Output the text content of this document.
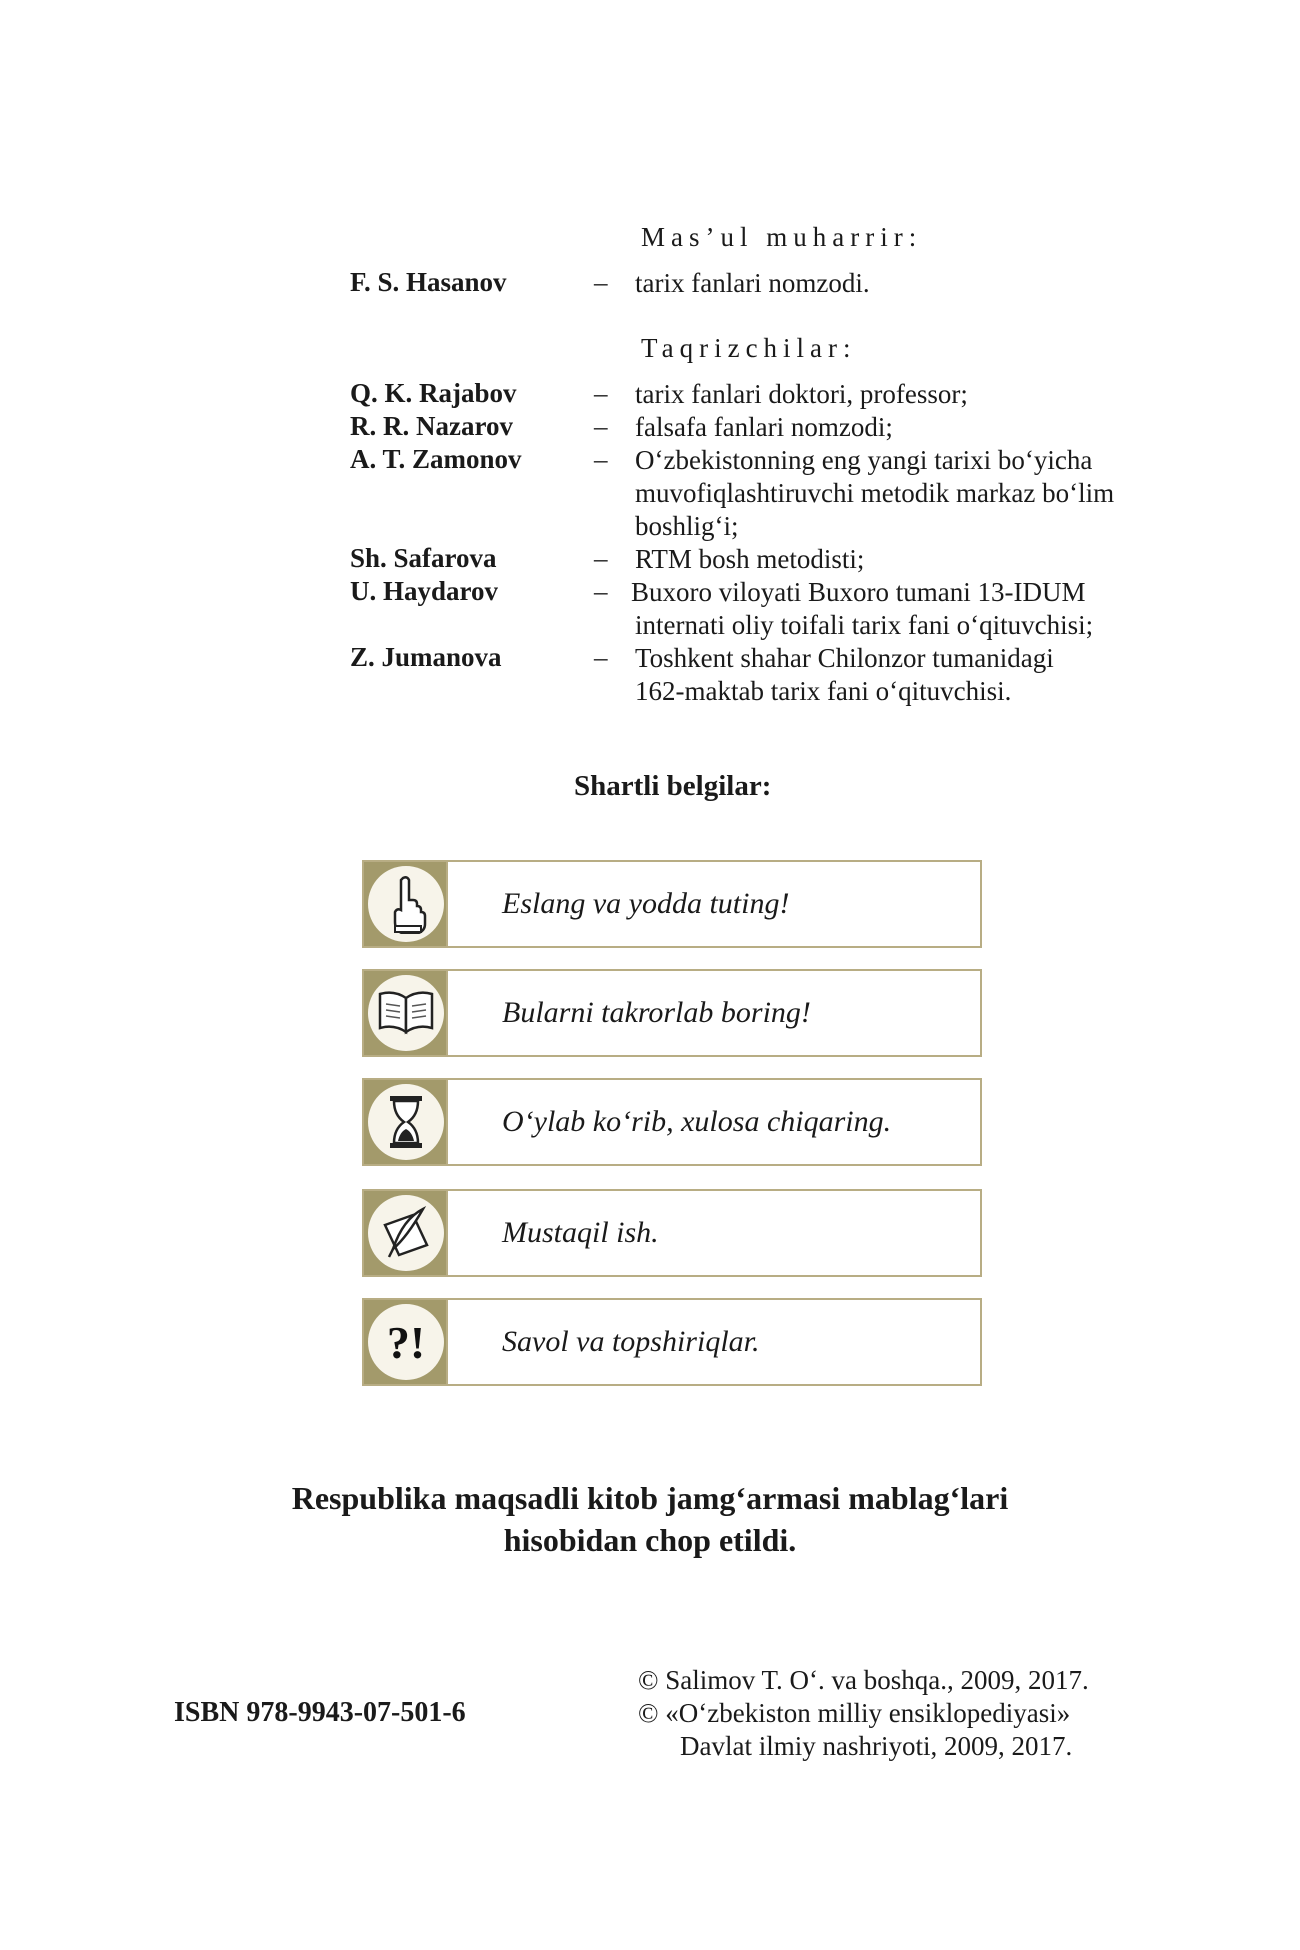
Mas’ul muharrir:
F. S. Hasanov	– tarix fanlari nomzodi.
Taqrizchilar:
Q. K. Rajabov	– tarix fanlari doktori, professor;
R. R. Nazarov	– falsafa fanlari nomzodi;
A. T. Zamonov	– O‘zbekistonning eng yangi tarixi bo‘yicha
muvofiqlashtiruvchi metodik markaz bo‘lim
boshlig‘i;
Sh. Safarova	– RTM bosh metodisti;
U. Haydarov	– Buxoro viloyati Buxoro tumani 13-IDUM
internati oliy toifali tarix fani o‘qituvchisi;
Z. Jumanova	– Toshkent shahar Chilonzor tumanidagi
162-maktab tarix fani o‘qituvchisi.
Shartli belgilar:
Eslang va yodda tuting!
Bularni takrorlab boring!
O‘ylab ko‘rib, xulosa chiqaring.
Mustaqil ish.
?!	Savol va topshiriqlar.
Respublika maqsadli kitob jamg‘armasi mablag‘lari
hisobidan chop etildi.
ISBN 978-9943-07-501-6
© Salimov T. O‘. va boshqa., 2009, 2017.
© «O‘zbekiston milliy ensiklopediyasi»
Davlat ilmiy nashriyoti, 2009, 2017.
